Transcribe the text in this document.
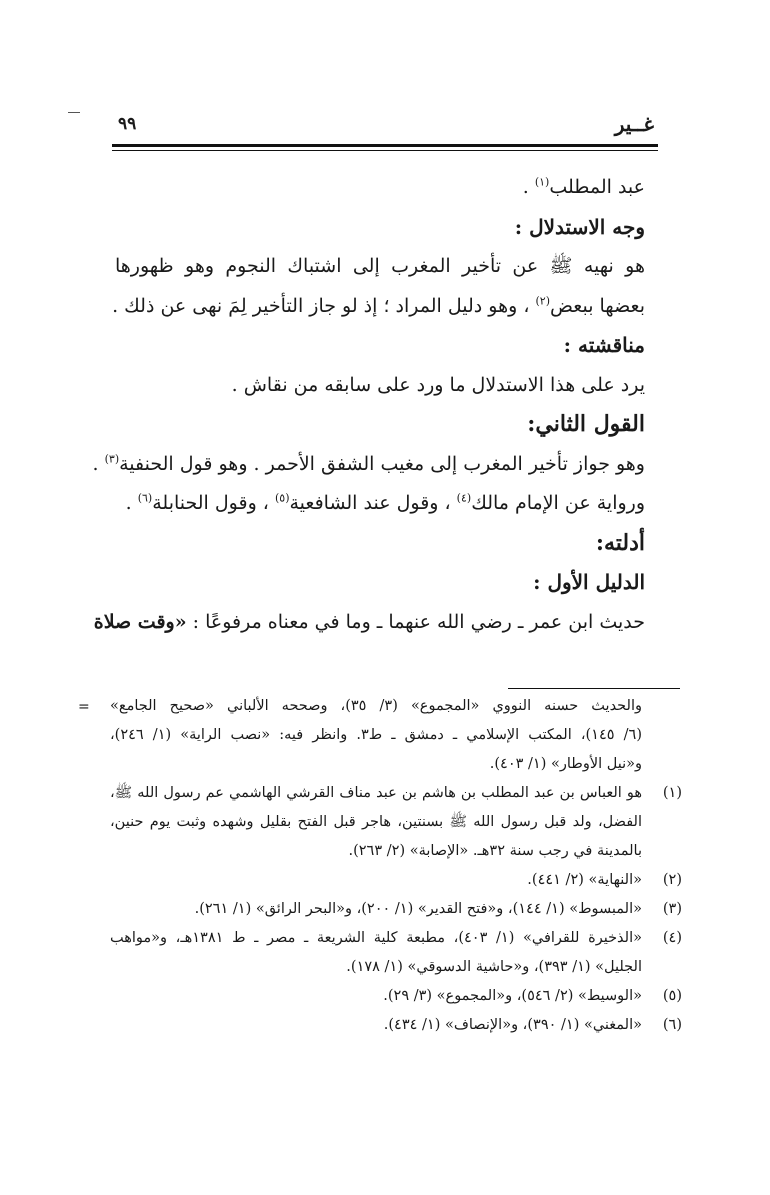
٩٩	غــير
عبد المطلب$^{(١)}$ .
وجه الاستدلال :
هو نهيه ﷺ عن تأخير المغرب إلى اشتباك النجوم وهو ظهورها
بعضها ببعض$^{(٢)}$ ، وهو دليل المراد ؛ إذ لو جاز التأخير لِمَ نهى عن ذلك .
مناقشته :
يرد على هذا الاستدلال ما ورد على سابقه من نقاش .
القول الثاني:
وهو جواز تأخير المغرب إلى مغيب الشفق الأحمر . وهو قول الحنفية$^{(٣)}$ .
ورواية عن الإمام مالك$^{(٤)}$ ، وقول عند الشافعية$^{(٥)}$ ، وقول الحنابلة$^{(٦)}$ .
أدلته:
الدليل الأول :
حديث ابن عمر ـ رضي الله عنهما ـ وما في معناه مرفوعًا : «وقت صلاة
= والحديث حسنه النووي «المجموع» (٣/ ٣٥)، وصححه الألباني «صحيح الجامع»
(٦/ ١٤٥)، المكتب الإسلامي ـ دمشق ـ ط٣. وانظر فيه: «نصب الراية» (١/ ٢٤٦)،
و«نيل الأوطار» (١/ ٤٠٣).
(١)
هو العباس بن عبد المطلب بن هاشم بن عبد مناف القرشي الهاشمي عم رسول الله ﷺ،
الفضل، ولد قبل رسول الله ﷺ بسنتين، هاجر قبل الفتح بقليل وشهده وثبت يوم حنين،
بالمدينة في رجب سنة ٣٢هـ. «الإصابة» (٢/ ٢٦٣).
(٢)
«النهاية» (٢/ ٤٤١).
(٣)
«المبسوط» (١/ ١٤٤)، و«فتح القدير» (١/ ٢٠٠)، و«البحر الرائق» (١/ ٢٦١).
(٤)
«الذخيرة للقرافي» (١/ ٤٠٣)، مطبعة كلية الشريعة ـ مصر ـ ط ١٣٨١هـ، و«مواهب
الجليل» (١/ ٣٩٣)، و«حاشية الدسوقي» (١/ ١٧٨).
(٥)
«الوسيط» (٢/ ٥٤٦)، و«المجموع» (٣/ ٢٩).
(٦)
«المغني» (١/ ٣٩٠)، و«الإنصاف» (١/ ٤٣٤).
